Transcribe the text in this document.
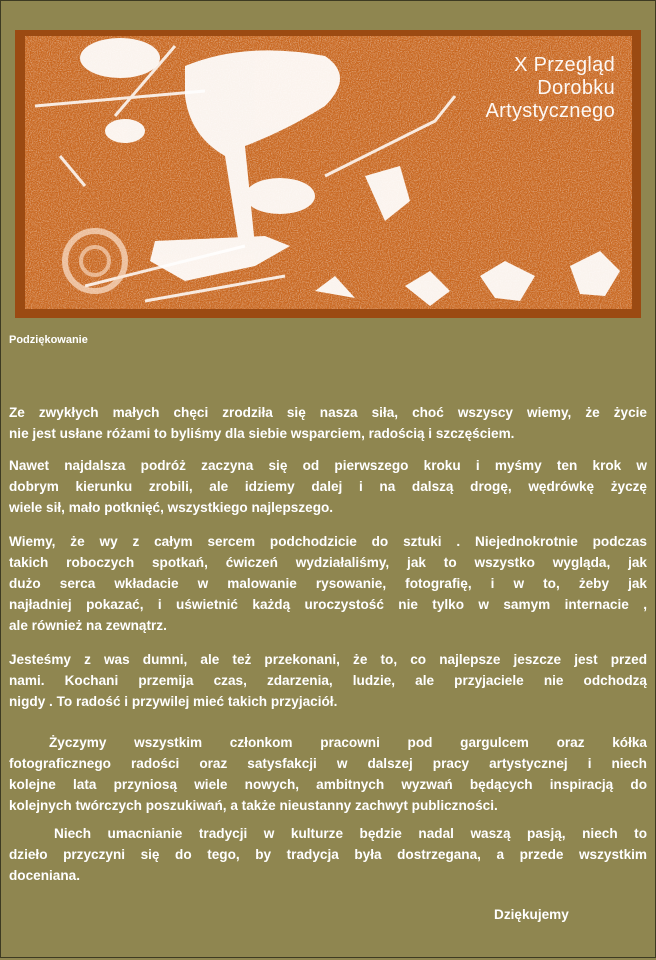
X Przegląd
Dorobku
Artystycznego
Podziękowanie
Ze zwykłych małych chęci zrodziła się nasza siła, choć wszyscy wiemy, że życie
nie jest usłane różami to byliśmy dla siebie wsparciem, radością i szczęściem.
Nawet najdalsza podróż zaczyna się od pierwszego kroku i myśmy ten krok w
dobrym kierunku zrobili, ale idziemy dalej i na dalszą drogę, wędrówkę życzę
wiele sił, mało potknięć, wszystkiego najlepszego.
Wiemy, że wy z całym sercem podchodzicie do sztuki . Niejednokrotnie podczas
takich roboczych spotkań, ćwiczeń wydziałaliśmy, jak to wszystko wygląda, jak
dużo serca wkładacie w malowanie rysowanie, fotografię, i w to, żeby jak
najładniej pokazać, i uświetnić każdą uroczystość nie tylko w samym internacie ,
ale również na zewnątrz.
Jesteśmy z was dumni, ale też przekonani, że to, co najlepsze jeszcze jest przed
nami. Kochani przemija czas, zdarzenia, ludzie, ale przyjaciele nie odchodzą
nigdy . To radość i przywilej mieć takich przyjaciół.
Życzymy wszystkim członkom pracowni pod gargulcem oraz kółka
fotograficznego radości oraz satysfakcji w dalszej pracy artystycznej i niech
kolejne lata przyniosą wiele nowych, ambitnych wyzwań będących inspiracją do
kolejnych twórczych poszukiwań, a także nieustanny zachwyt publiczności.
Niech umacnianie tradycji w kulturze będzie nadal waszą pasją, niech to
dzieło przyczyni się do tego, by tradycja była dostrzegana, a przede wszystkim
doceniana.
Dziękujemy
